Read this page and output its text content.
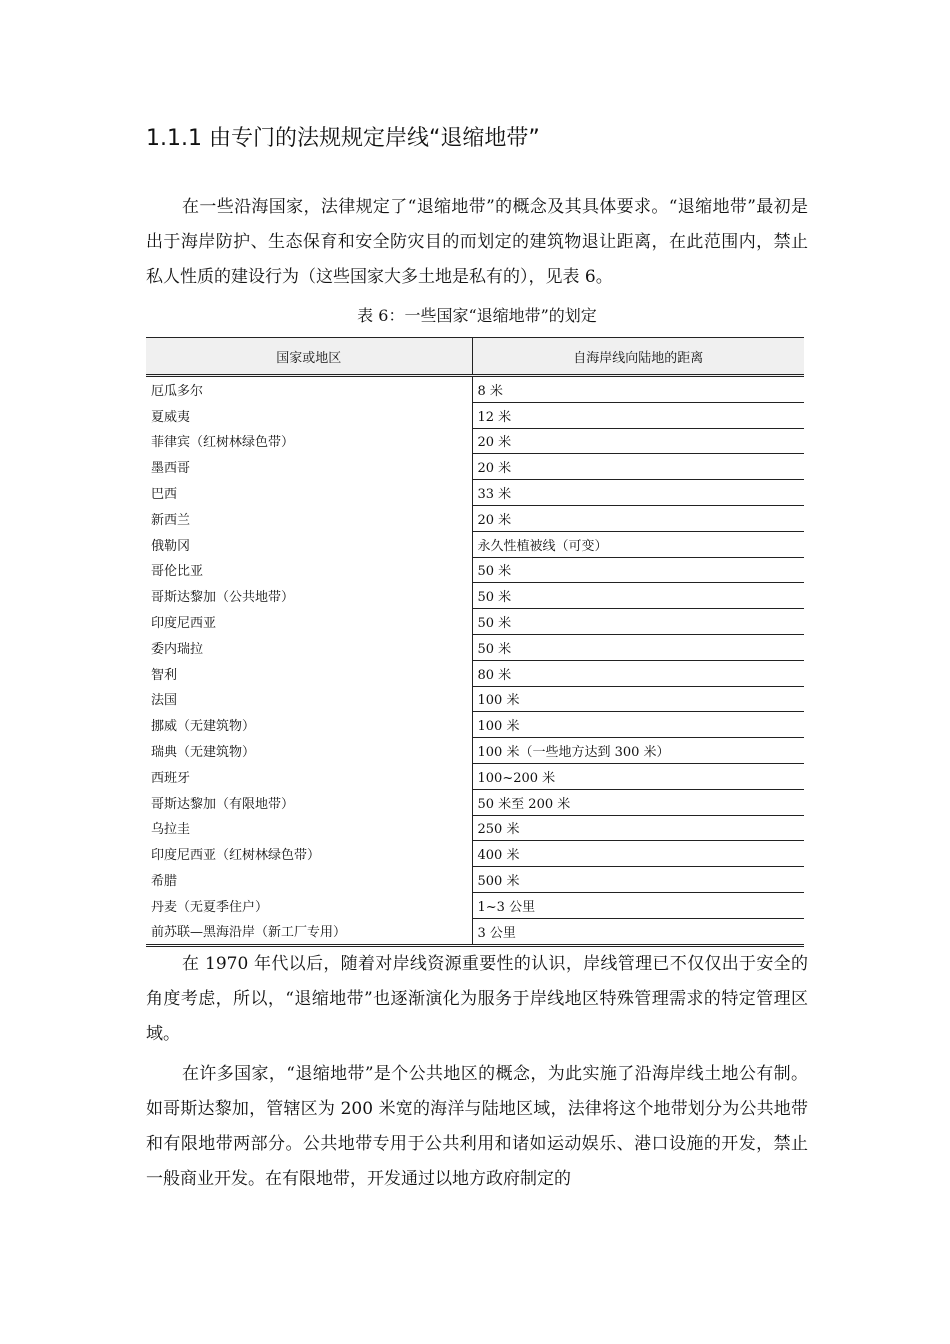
1.1.1 由专门的法规规定岸线“退缩地带”
在一些沿海国家，法律规定了“退缩地带”的概念及其具体要求。“退缩地带”最初是出于海岸防护、生态保育和安全防灾目的而划定的建筑物退让距离，在此范围内，禁止私人性质的建设行为（这些国家大多土地是私有的），见表 6。
表 6：一些国家“退缩地带”的划定
国家或地区	自海岸线向陆地的距离
厄瓜多尔	8 米
夏威夷	12 米
菲律宾（红树林绿色带）	20 米
墨西哥	20 米
巴西	33 米
新西兰	20 米
俄勒冈	永久性植被线（可变）
哥伦比亚	50 米
哥斯达黎加（公共地带）	50 米
印度尼西亚	50 米
委内瑞拉	50 米
智利	80 米
法国	100 米
挪威（无建筑物）	100 米
瑞典（无建筑物）	100 米（一些地方达到 300 米）
西班牙	100~200 米
哥斯达黎加（有限地带）	50 米至 200 米
乌拉圭	250 米
印度尼西亚（红树林绿色带）	400 米
希腊	500 米
丹麦（无夏季住户）	1~3 公里
前苏联—黑海沿岸（新工厂专用）	3 公里
在 1970 年代以后，随着对岸线资源重要性的认识，岸线管理已不仅仅出于安全的角度考虑，所以，“退缩地带”也逐渐演化为服务于岸线地区特殊管理需求的特定管理区域。
在许多国家，“退缩地带”是个公共地区的概念，为此实施了沿海岸线土地公有制。如哥斯达黎加，管辖区为 200 米宽的海洋与陆地区域，法律将这个地带划分为公共地带和有限地带两部分。公共地带专用于公共利用和诸如运动娱乐、港口设施的开发，禁止一般商业开发。在有限地带，开发通过以地方政府制定的
